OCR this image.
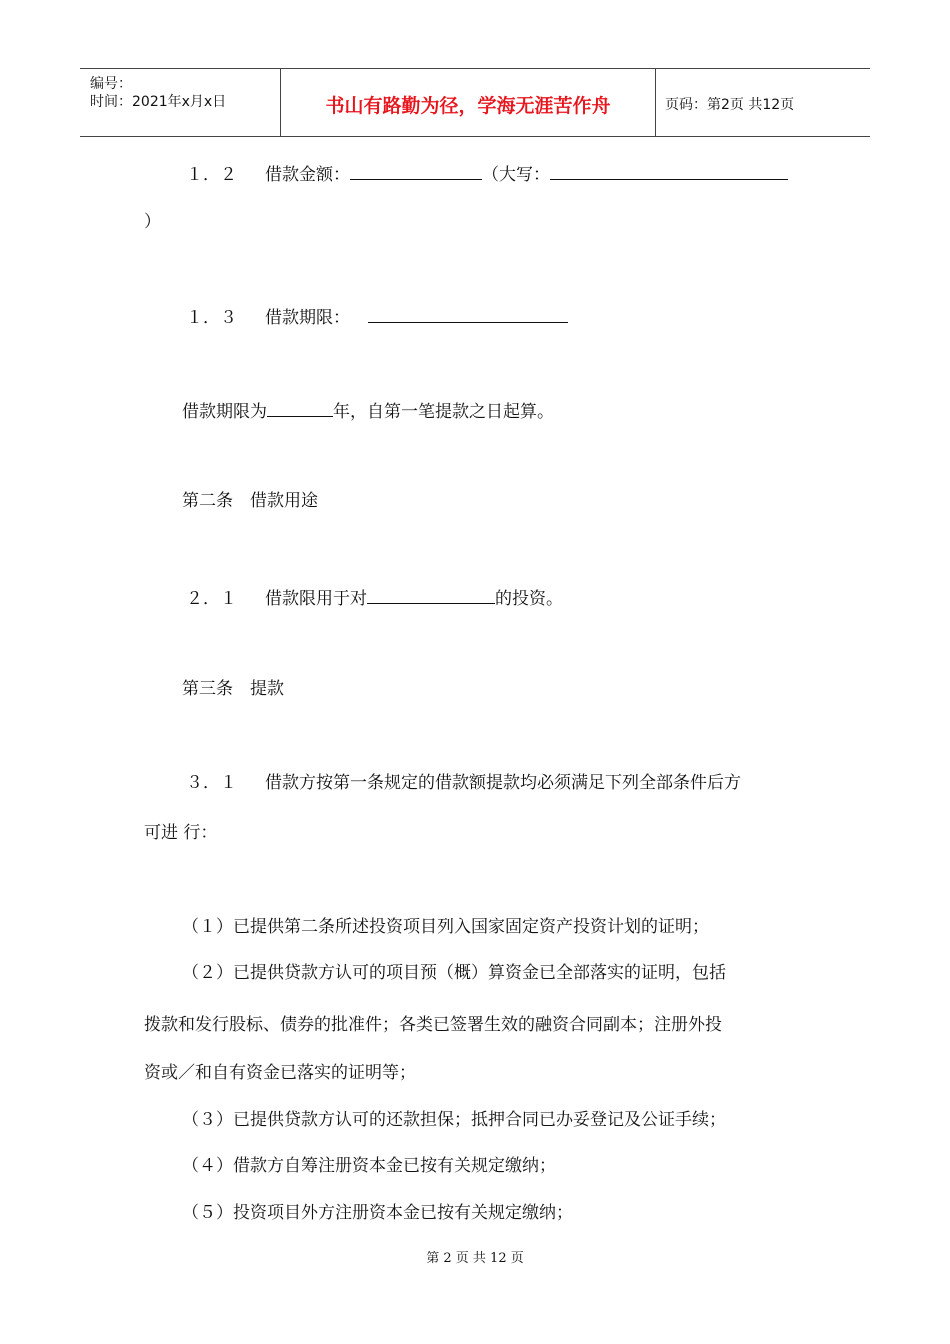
编号：
时间：2021年x月x日	书山有路勤为径，学海无涯苦作舟	页码：第2页 共12页
１．２ 借款金额：	（大写：
）
１．３ 借款期限：
借款期限为	年，自第一笔提款之日起算。
第二条　借款用途
２．１ 借款限用于对	的投资。
第三条　提款
３．１ 借款方按第一条规定的借款额提款均必须满足下列全部条件后方
可进 行：
（１）已提供第二条所述投资项目列入国家固定资产投资计划的证明；
（２）已提供贷款方认可的项目预（概）算资金已全部落实的证明，包括
拨款和发行股标、债券的批准件；各类已签署生效的融资合同副本；注册外投
资或／和自有资金已落实的证明等；
（３）已提供贷款方认可的还款担保；抵押合同已办妥登记及公证手续；
（４）借款方自筹注册资本金已按有关规定缴纳；
（５）投资项目外方注册资本金已按有关规定缴纳；
第 2 页 共 12 页
